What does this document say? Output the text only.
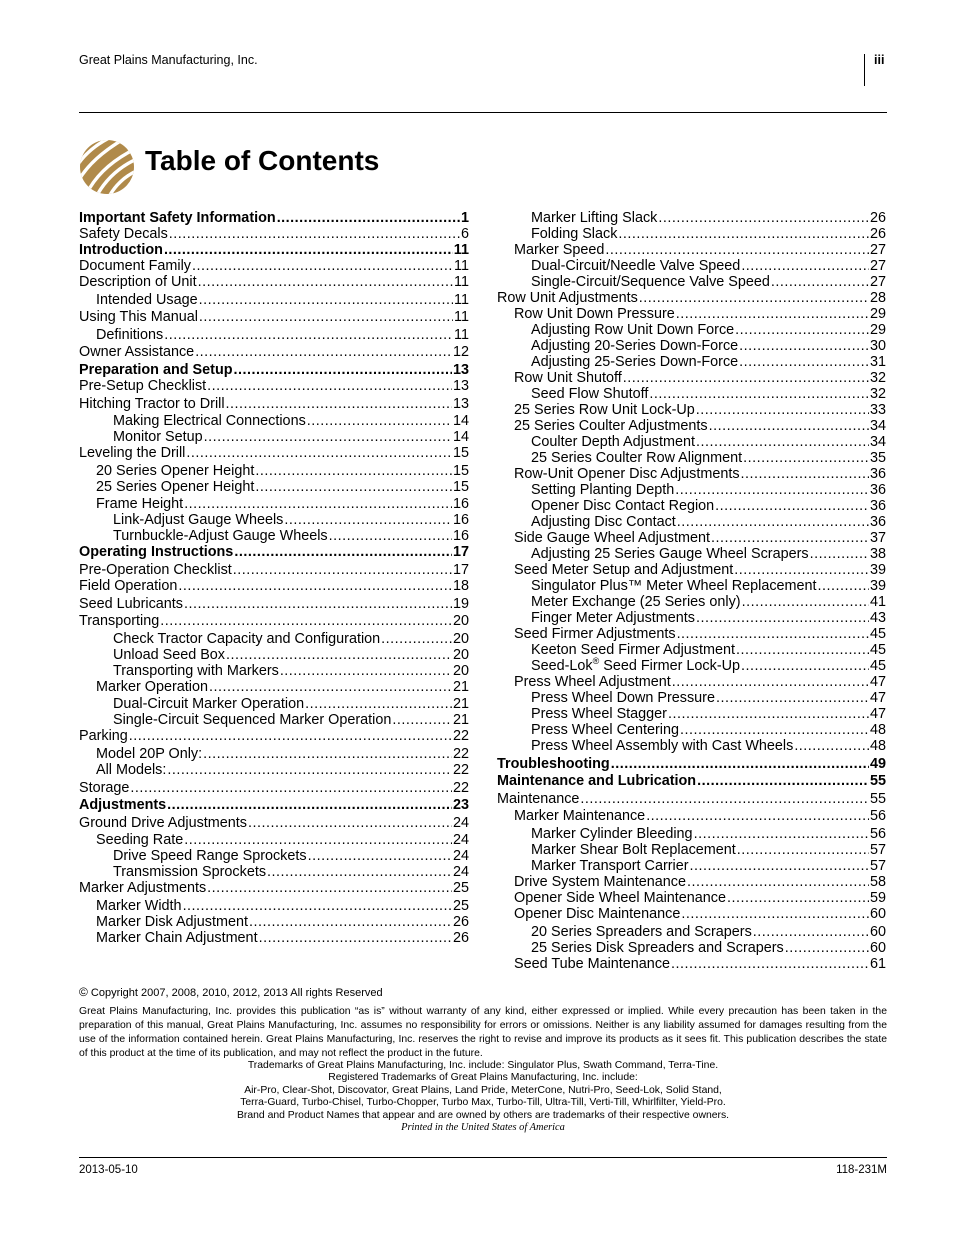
Great Plains Manufacturing, Inc.	iii
Table of Contents
Important Safety Information .....	1
Safety Decals .....	6
Introduction .....	11
Document Family .....	11
Description of Unit .....	11
Intended Usage .....	11
Using This Manual .....	11
Definitions .....	11
Owner Assistance .....	12
Preparation and Setup .....	13
Pre-Setup Checklist .....	13
Hitching Tractor to Drill .....	13
Making Electrical Connections .....	14
Monitor Setup .....	14
Leveling the Drill .....	15
20 Series Opener Height .....	15
25 Series Opener Height .....	15
Frame Height .....	16
Link-Adjust Gauge Wheels .....	16
Turnbuckle-Adjust Gauge Wheels .....	16
Operating Instructions .....	17
Pre-Operation Checklist .....	17
Field Operation .....	18
Seed Lubricants .....	19
Transporting .....	20
Check Tractor Capacity and Configuration .....	20
Unload Seed Box .....	20
Transporting with Markers .....	20
Marker Operation .....	21
Dual-Circuit Marker Operation .....	21
Single-Circuit Sequenced Marker Operation .....	21
Parking .....	22
Model 20P Only: .....	22
All Models: .....	22
Storage .....	22
Adjustments .....	23
Ground Drive Adjustments .....	24
Seeding Rate .....	24
Drive Speed Range Sprockets .....	24
Transmission Sprockets .....	24
Marker Adjustments .....	25
Marker Width .....	25
Marker Disk Adjustment .....	26
Marker Chain Adjustment .....	26
Marker Lifting Slack .....	26
Folding Slack .....	26
Marker Speed .....	27
Dual-Circuit/Needle Valve Speed .....	27
Single-Circuit/Sequence Valve Speed .....	27
Row Unit Adjustments .....	28
Row Unit Down Pressure .....	29
Adjusting Row Unit Down Force .....	29
Adjusting 20-Series Down-Force .....	30
Adjusting 25-Series Down-Force .....	31
Row Unit Shutoff .....	32
Seed Flow Shutoff .....	32
25 Series Row Unit Lock-Up .....	33
25 Series Coulter Adjustments .....	34
Coulter Depth Adjustment .....	34
25 Series Coulter Row Alignment .....	35
Row-Unit Opener Disc Adjustments .....	36
Setting Planting Depth .....	36
Opener Disc Contact Region .....	36
Adjusting Disc Contact .....	36
Side Gauge Wheel Adjustment .....	37
Adjusting 25 Series Gauge Wheel Scrapers .....	38
Seed Meter Setup and Adjustment .....	39
Singulator Plus™ Meter Wheel Replacement .....	39
Meter Exchange (25 Series only) .....	41
Finger Meter Adjustments .....	43
Seed Firmer Adjustments .....	45
Keeton Seed Firmer Adjustment .....	45
Seed-Lok® Seed Firmer Lock-Up .....	45
Press Wheel Adjustment .....	47
Press Wheel Down Pressure .....	47
Press Wheel Stagger .....	47
Press Wheel Centering .....	48
Press Wheel Assembly with Cast Wheels .....	48
Troubleshooting .....	49
Maintenance and Lubrication .....	55
Maintenance .....	55
Marker Maintenance .....	56
Marker Cylinder Bleeding .....	56
Marker Shear Bolt Replacement .....	57
Marker Transport Carrier .....	57
Drive System Maintenance .....	58
Opener Side Wheel Maintenance .....	59
Opener Disc Maintenance .....	60
20 Series Spreaders and Scrapers .....	60
25 Series Disk Spreaders and Scrapers .....	60
Seed Tube Maintenance .....	61
© Copyright 2007, 2008, 2010, 2012, 2013 All rights Reserved
Great Plains Manufacturing, Inc. provides this publication “as is” without warranty of any kind, either expressed or implied. While every precaution has been taken in the preparation of this manual, Great Plains Manufacturing, Inc. assumes no responsibility for errors or omissions. Neither is any liability assumed for damages resulting from the use of the information contained herein. Great Plains Manufacturing, Inc. reserves the right to revise and improve its products as it sees fit. This publication describes the state of this product at the time of its publication, and may not reflect the product in the future.
Trademarks of Great Plains Manufacturing, Inc. include: Singulator Plus, Swath Command, Terra-Tine.
Registered Trademarks of Great Plains Manufacturing, Inc. include:
Air-Pro, Clear-Shot, Discovator, Great Plains, Land Pride, MeterCone, Nutri-Pro, Seed-Lok, Solid Stand,
Terra-Guard, Turbo-Chisel, Turbo-Chopper, Turbo Max, Turbo-Till, Ultra-Till, Verti-Till, Whirlfilter, Yield-Pro.
Brand and Product Names that appear and are owned by others are trademarks of their respective owners.
Printed in the United States of America
2013-05-10	118-231M
